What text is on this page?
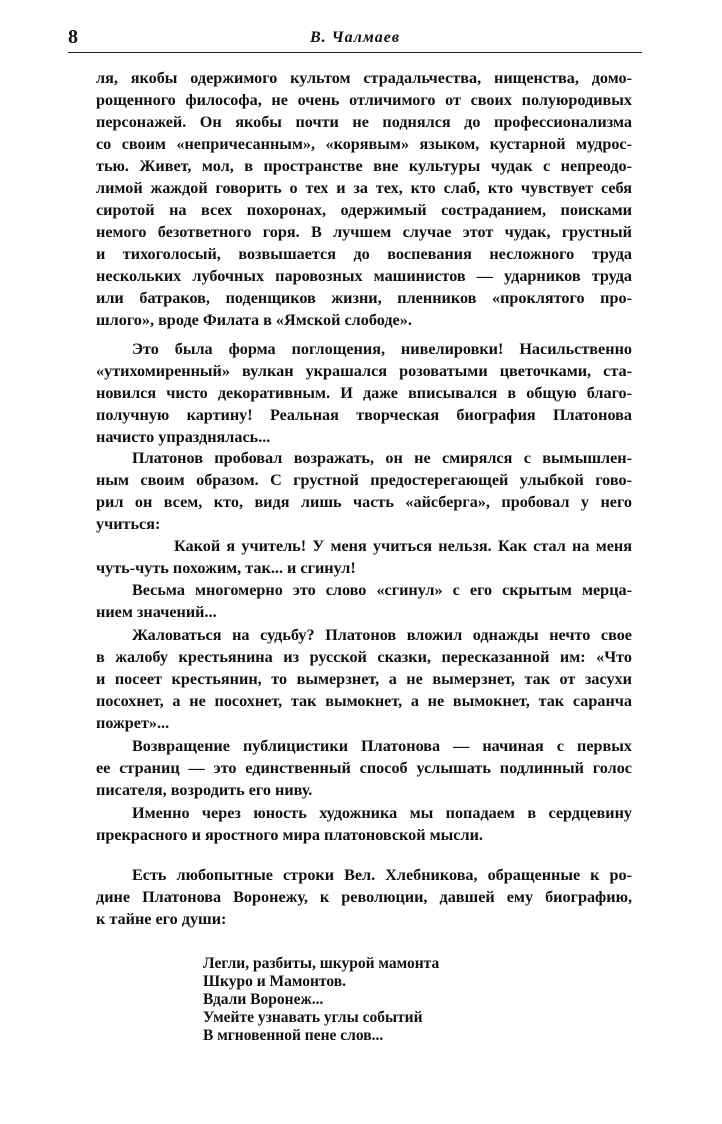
8	В. Чалмаев
ля, якобы одержимого культом страдальчества, нищенства, домо-
рощенного философа, не очень отличимого от своих полуюродивых
персонажей. Он якобы почти не поднялся до профессионализма
со своим «непричесанным», «корявым» языком, кустарной мудрос-
тью. Живет, мол, в пространстве вне культуры чудак с непреодо-
лимой жаждой говорить о тех и за тех, кто слаб, кто чувствует себя
сиротой на всех похоронах, одержимый состраданием, поисками
немого безответного горя. В лучшем случае этот чудак, грустный
и тихоголосый, возвышается до воспевания несложного труда
нескольких лубочных паровозных машинистов — ударников труда
или батраков, поденщиков жизни, пленников «проклятого про-
шлого», вроде Филата в «Ямской слободе».
Это была форма поглощения, нивелировки! Насильственно
«утихомиренный» вулкан украшался розоватыми цветочками, ста-
новился чисто декоративным. И даже вписывался в общую благо-
получную картину! Реальная творческая биография Платонова
начисто упразднялась...
Платонов пробовал возражать, он не смирялся с вымышлен-
ным своим образом. С грустной предостерегающей улыбкой гово-
рил он всем, кто, видя лишь часть «айсберга», пробовал у него
учиться:
Какой я учитель! У меня учиться нельзя. Как стал на меня
чуть-чуть похожим, так... и сгинул!
Весьма многомерно это слово «сгинул» с его скрытым мерца-
нием значений...
Жаловаться на судьбу? Платонов вложил однажды нечто свое
в жалобу крестьянина из русской сказки, пересказанной им: «Что
и посеет крестьянин, то вымерзнет, а не вымерзнет, так от засухи
посохнет, а не посохнет, так вымокнет, а не вымокнет, так саранча
пожрет»...
Возвращение публицистики Платонова — начиная с первых
ее страниц — это единственный способ услышать подлинный голос
писателя, возродить его ниву.
Именно через юность художника мы попадаем в сердцевину
прекрасного и яростного мира платоновской мысли.
Есть любопытные строки Вел. Хлебникова, обращенные к ро-
дине Платонова Воронежу, к революции, давшей ему биографию,
к тайне его души:
Легли, разбиты, шкурой мамонта
Шкуро и Мамонтов.
Вдали Воронеж...
Умейте узнавать углы событий
В мгновенной пене слов...
